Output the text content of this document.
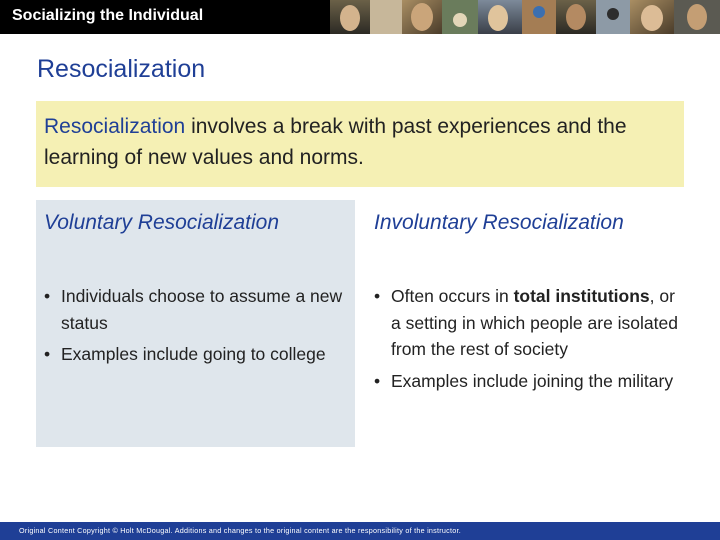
Socializing the Individual
Resocialization
Resocialization involves a break with past experiences and the learning of new values and norms.
Voluntary Resocialization
• Individuals choose to assume a new status
• Examples include going to college
Involuntary Resocialization
• Often occurs in total institutions, or a setting in which people are isolated from the rest of society
• Examples include joining the military
Original Content Copyright © Holt McDougal. Additions and changes to the original content are the responsibility of the instructor.
